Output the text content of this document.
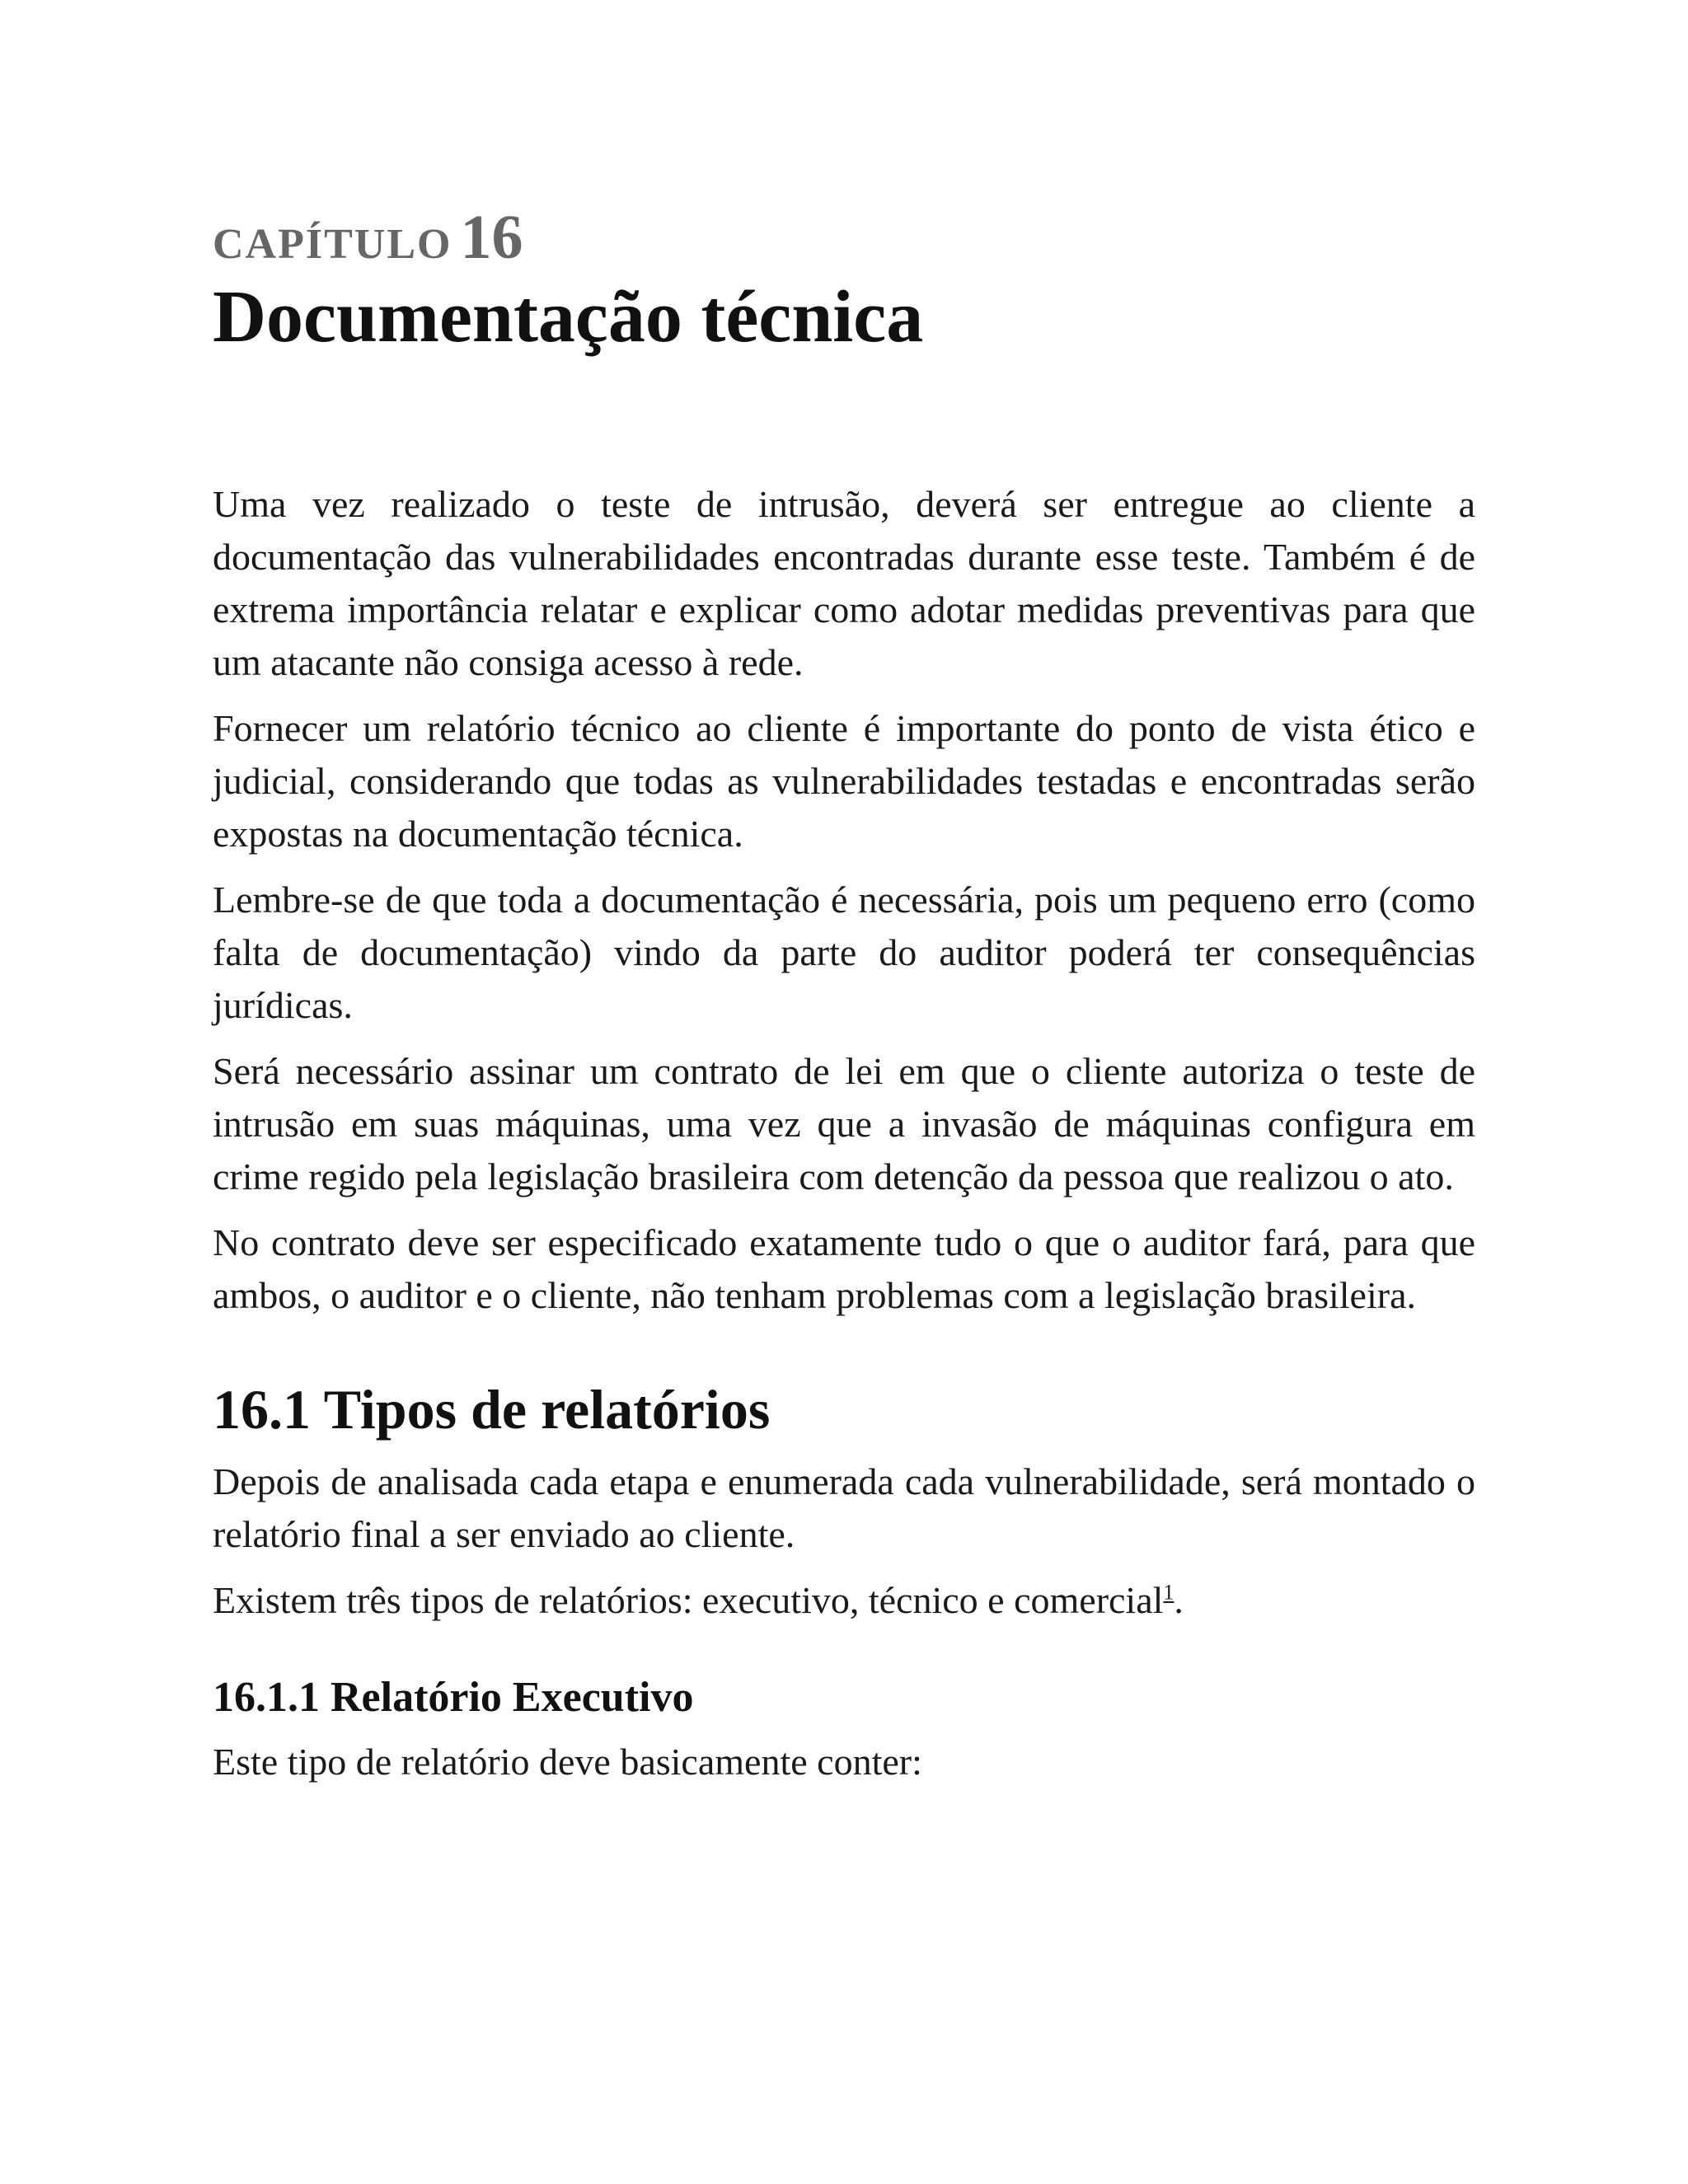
CAPÍTULO 16
Documentação técnica

Uma vez realizado o teste de intrusão, deverá ser entregue ao cliente a documentação das vulnerabilidades encontradas durante esse teste. Também é de extrema importância relatar e explicar como adotar medidas preventivas para que um atacante não consiga acesso à rede.

Fornecer um relatório técnico ao cliente é importante do ponto de vista ético e judicial, considerando que todas as vulnerabilidades testadas e encontradas serão expostas na documentação técnica.

Lembre-se de que toda a documentação é necessária, pois um pequeno erro (como falta de documentação) vindo da parte do auditor poderá ter consequências jurídicas.

Será necessário assinar um contrato de lei em que o cliente autoriza o teste de intrusão em suas máquinas, uma vez que a invasão de máquinas configura em crime regido pela legislação brasileira com detenção da pessoa que realizou o ato.

No contrato deve ser especificado exatamente tudo o que o auditor fará, para que ambos, o auditor e o cliente, não tenham problemas com a legislação brasileira.

16.1 Tipos de relatórios

Depois de analisada cada etapa e enumerada cada vulnerabilidade, será montado o relatório final a ser enviado ao cliente.

Existem três tipos de relatórios: executivo, técnico e comercial$^1$.

16.1.1 Relatório Executivo

Este tipo de relatório deve basicamente conter:
